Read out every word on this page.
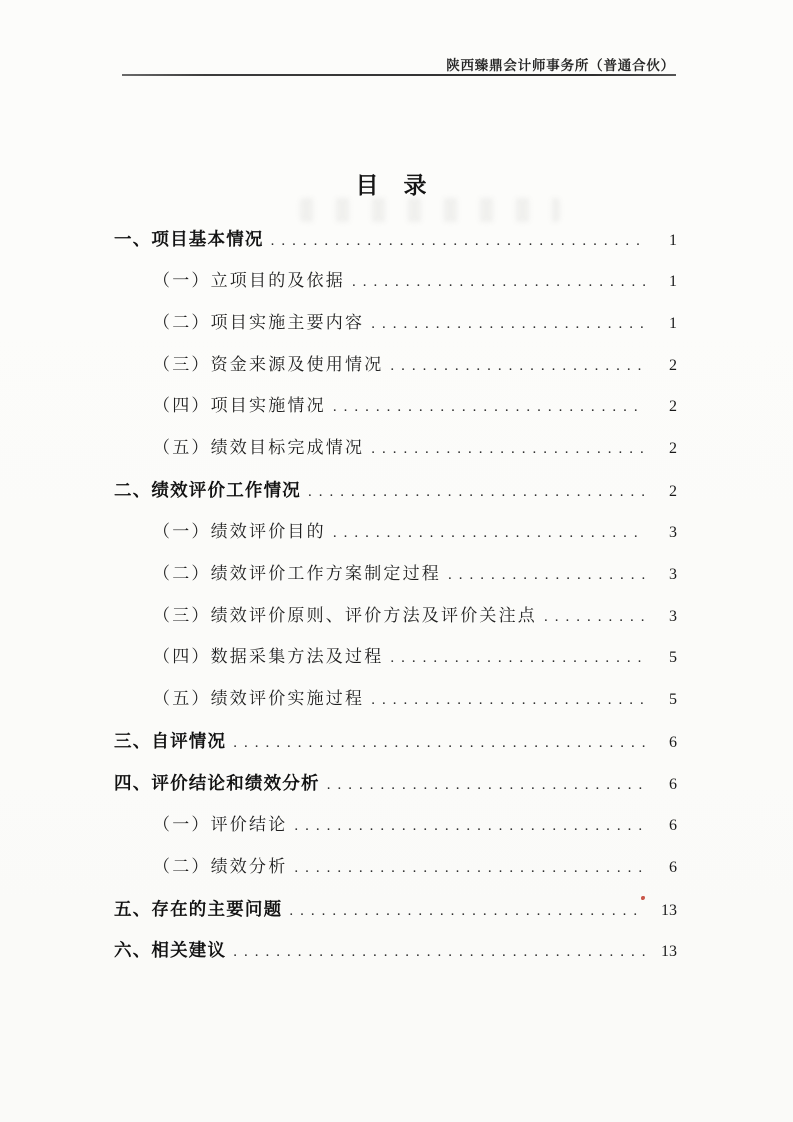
陕西臻鼎会计师事务所（普通合伙）
目　录
一、项目基本情况 .....	1
（一）立项目的及依据 .....	1
（二）项目实施主要内容 .....	1
（三）资金来源及使用情况 .....	2
（四）项目实施情况 .....	2
（五）绩效目标完成情况 .....	2
二、绩效评价工作情况 .....	2
（一）绩效评价目的 .....	3
（二）绩效评价工作方案制定过程 .....	3
（三）绩效评价原则、评价方法及评价关注点 .....	3
（四）数据采集方法及过程 .....	5
（五）绩效评价实施过程 .....	5
三、自评情况 .....	6
四、评价结论和绩效分析 .....	6
（一）评价结论 .....	6
（二）绩效分析 .....	6
五、存在的主要问题 .....	13
六、相关建议 .....	13
